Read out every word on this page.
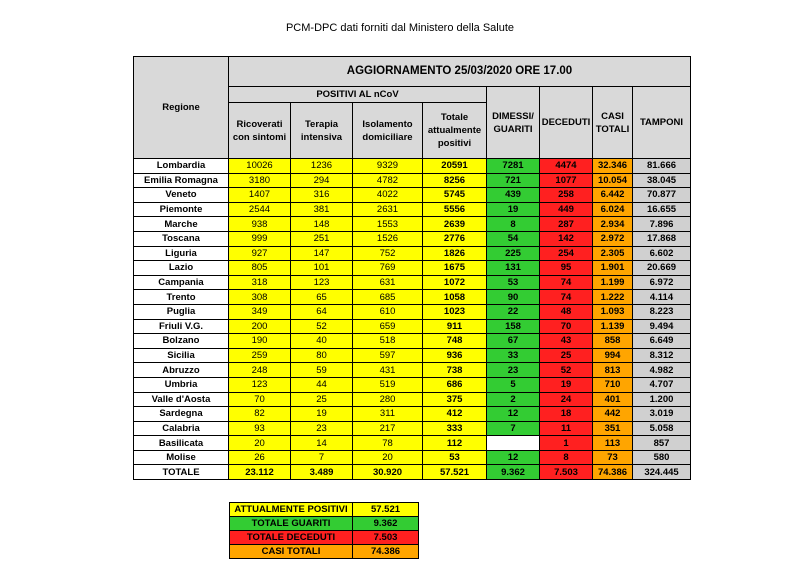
PCM-DPC dati forniti dal Ministero della Salute
Regione	AGGIORNAMENTO 25/03/2020 ORE 17.00							
	POSITIVI AL nCoV				DIMESSI/ GUARITI	DECEDUTI	CASI TOTALI	TAMPONI
	Ricoverati con sintomi	Terapia intensiva	Isolamento domiciliare	Totale attualmente positivi				
Lombardia	10026	1236	9329	20591	7281	4474	32.346	81.666
Emilia Romagna	3180	294	4782	8256	721	1077	10.054	38.045
Veneto	1407	316	4022	5745	439	258	6.442	70.877
Piemonte	2544	381	2631	5556	19	449	6.024	16.655
Marche	938	148	1553	2639	8	287	2.934	7.896
Toscana	999	251	1526	2776	54	142	2.972	17.868
Liguria	927	147	752	1826	225	254	2.305	6.602
Lazio	805	101	769	1675	131	95	1.901	20.669
Campania	318	123	631	1072	53	74	1.199	6.972
Trento	308	65	685	1058	90	74	1.222	4.114
Puglia	349	64	610	1023	22	48	1.093	8.223
Friuli V.G.	200	52	659	911	158	70	1.139	9.494
Bolzano	190	40	518	748	67	43	858	6.649
Sicilia	259	80	597	936	33	25	994	8.312
Abruzzo	248	59	431	738	23	52	813	4.982
Umbria	123	44	519	686	5	19	710	4.707
Valle d'Aosta	70	25	280	375	2	24	401	1.200
Sardegna	82	19	311	412	12	18	442	3.019
Calabria	93	23	217	333	7	11	351	5.058
Basilicata	20	14	78	112		1	113	857
Molise	26	7	20	53	12	8	73	580
TOTALE	23.112	3.489	30.920	57.521	9.362	7.503	74.386	324.445
ATTUALMENTE POSITIVI	57.521
TOTALE GUARITI	9.362
TOTALE DECEDUTI	7.503
CASI TOTALI	74.386
